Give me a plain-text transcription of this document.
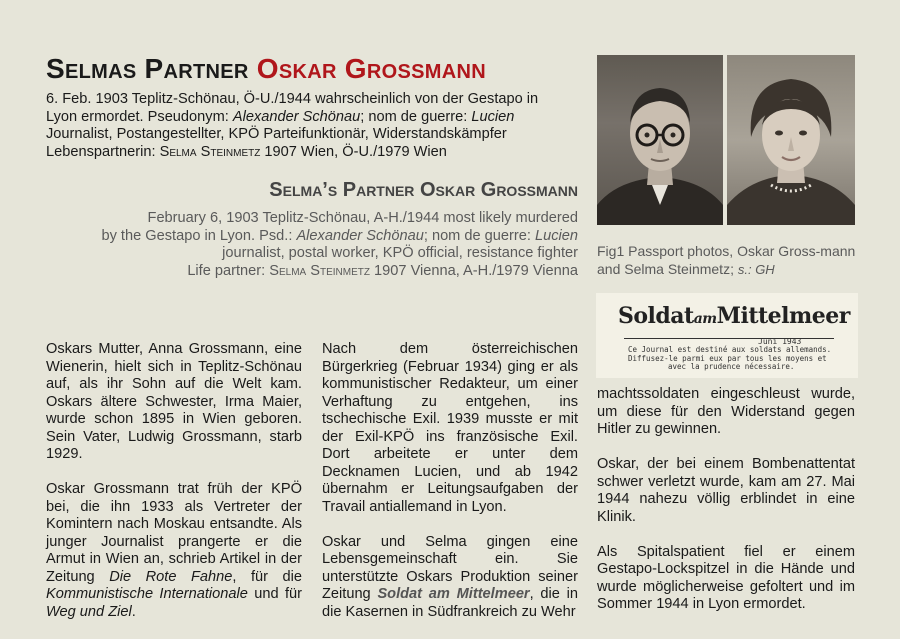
Selmas Partner Oskar Grossmann
6. Feb. 1903 Teplitz-Schönau, Ö-U./1944 wahrscheinlich von der Gestapo in
Lyon ermordet. Pseudonym: Alexander Schönau; nom de guerre: Lucien
Journalist, Postangestellter, KPÖ Parteifunktionär, Widerstandskämpfer
Lebenspartnerin: Selma Steinmetz 1907 Wien, Ö-U./1979 Wien
Selma’s Partner Oskar Grossmann
February 6, 1903 Teplitz-Schönau, A-H./1944 most likely murdered
by the Gestapo in Lyon. Psd.: Alexander Schönau; nom de guerre: Lucien
journalist, postal worker, KPÖ official, resistance fighter
Life partner: Selma Steinmetz 1907 Vienna, A-H./1979 Vienna
Fig1 Passport photos, Oskar Gross-mann and Selma Steinmetz; s.: GH
SoldatamMittelmeer
Juni 1943
Ce Journal est destiné aux soldats allemands.
Diffusez-le parmi eux par tous les moyens et
avec la prudence nécessaire.

Oskars Mutter, Anna Grossmann, eine Wienerin, hielt sich in Teplitz-Schönau auf, als ihr Sohn auf die Welt kam. Oskars ältere Schwester, Irma Maier, wurde schon 1895 in Wien geboren. Sein Vater, Ludwig Grossmann, starb 1929.

Oskar Grossmann trat früh der KPÖ bei, die ihn 1933 als Vertreter der Komintern nach Moskau entsandte. Als junger Journalist prangerte er die Armut in Wien an, schrieb Artikel in der Zeitung Die Rote Fahne, für die Kommunistische Internationale und für Weg und Ziel.

Nach dem österreichischen Bürgerkrieg (Februar 1934) ging er als kommunistischer Redakteur, um einer Verhaftung zu entgehen, ins tschechische Exil. 1939 musste er mit der Exil-KPÖ ins französische Exil. Dort arbeitete er unter dem Decknamen Lucien, und ab 1942 übernahm er Leitungsaufgaben der Travail antiallemand in Lyon.

Oskar und Selma gingen eine Lebensgemeinschaft ein. Sie unterstützte Oskars Produktion seiner Zeitung Soldat am Mittelmeer, die in die Kasernen in Südfrankreich zu Wehr

machtssoldaten eingeschleust wurde, um diese für den Widerstand gegen Hitler zu gewinnen.

Oskar, der bei einem Bombenattentat schwer verletzt wurde, kam am 27. Mai 1944 nahezu völlig erblindet in eine Klinik.

Als Spitalspatient fiel er einem Gestapo-Lockspitzel in die Hände und wurde möglicherweise gefoltert und im Sommer 1944 in Lyon ermordet.
